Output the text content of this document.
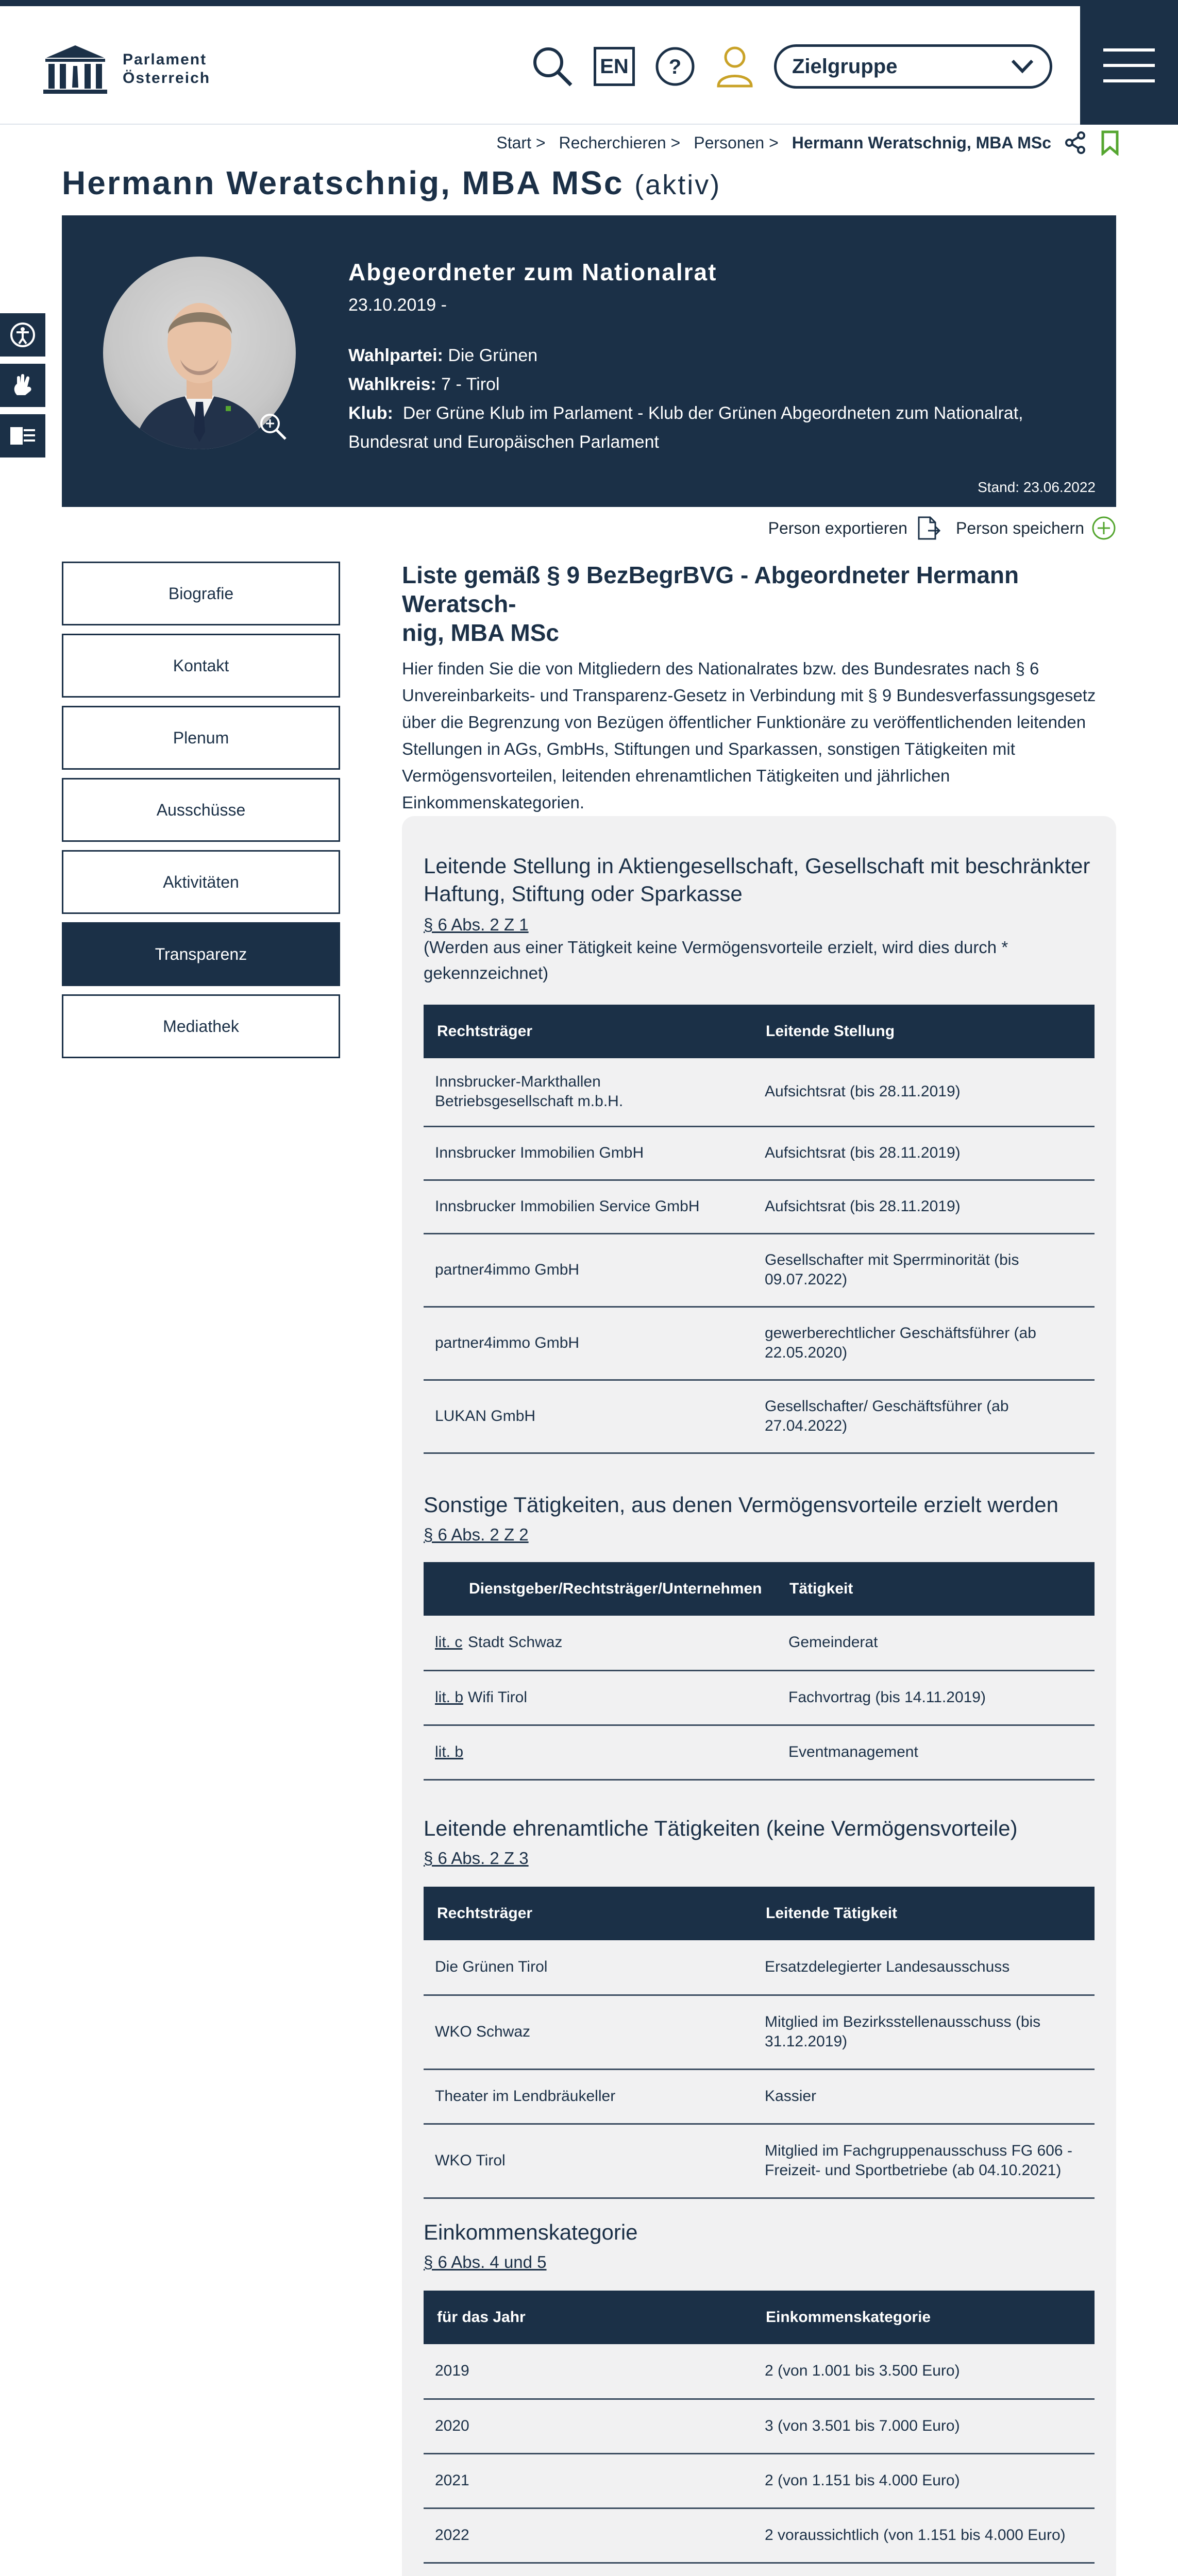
Parlament
Österreich
EN	?	Zielgruppe
Start > Recherchieren > Personen > Hermann Weratschnig, MBA MSc
Hermann Weratschnig, MBA MSc (aktiv)
Abgeordneter zum Nationalrat
23.10.2019 -
Wahlpartei: Die Grünen
Wahlkreis: 7 - Tirol
Klub: Der Grüne Klub im Parlament - Klub der Grünen Abgeordneten zum Nationalrat,
Bundesrat und Europäischen Parlament
Stand: 23.06.2022
Person exportieren	Person speichern
Biografie
Kontakt
Plenum
Ausschüsse
Aktivitäten
Transparenz
Mediathek
Liste gemäß § 9 BezBegrBVG - Abgeordneter Hermann Weratsch-
nig, MBA MSc

Hier finden Sie die von Mitgliedern des Nationalrates bzw. des Bundesrates nach § 6 Unvereinbarkeits- und Transparenz-Gesetz in Verbindung mit § 9 Bundesverfassungsgesetz über die Begrenzung von Bezügen öffentlicher Funktionäre zu veröffentlichenden leitenden Stellungen in AGs, GmbHs, Stiftungen und Sparkassen, sonstigen Tätigkeiten mit Vermögensvorteilen, leitenden ehrenamtlichen Tätigkeiten und jährlichen Einkommenskategorien.

Leitende Stellung in Aktiengesellschaft, Gesellschaft mit beschränkter Haftung, Stiftung oder Sparkasse
§ 6 Abs. 2 Z 1
(Werden aus einer Tätigkeit keine Vermögensvorteile erzielt, wird dies durch * gekennzeichnet)
Rechtsträger	Leitende Stellung
Innsbrucker-Markthallen Betriebsgesellschaft m.b.H.	Aufsichtsrat (bis 28.11.2019)
Innsbrucker Immobilien GmbH	Aufsichtsrat (bis 28.11.2019)
Innsbrucker Immobilien Service GmbH	Aufsichtsrat (bis 28.11.2019)
partner4immo GmbH	Gesellschafter mit Sperrminorität (bis 09.07.2022)
partner4immo GmbH	gewerberechtlicher Geschäftsführer (ab 22.05.2020)
LUKAN GmbH	Gesellschafter/ Geschäftsführer (ab 27.04.2022)
Sonstige Tätigkeiten, aus denen Vermögensvorteile erzielt werden
§ 6 Abs. 2 Z 2
	Dienstgeber/Rechtsträger/Unternehmen	Tätigkeit
lit. c	Stadt Schwaz	Gemeinderat
lit. b	Wifi Tirol	Fachvortrag (bis 14.11.2019)
lit. b		Eventmanagement
Leitende ehrenamtliche Tätigkeiten (keine Vermögensvorteile)
§ 6 Abs. 2 Z 3
Rechtsträger	Leitende Tätigkeit
Die Grünen Tirol	Ersatzdelegierter Landesausschuss
WKO Schwaz	Mitglied im Bezirksstellenausschuss (bis 31.12.2019)
Theater im Lendbräukeller	Kassier
WKO Tirol	Mitglied im Fachgruppenausschuss FG 606 - Freizeit- und Sportbetriebe (ab 04.10.2021)
Einkommenskategorie
§ 6 Abs. 4 und 5
für das Jahr	Einkommenskategorie
2019	2 (von 1.001 bis 3.500 Euro)
2020	3 (von 3.501 bis 7.000 Euro)
2021	2 (von 1.151 bis 4.000 Euro)
2022	2 voraussichtlich (von 1.151 bis 4.000 Euro)
